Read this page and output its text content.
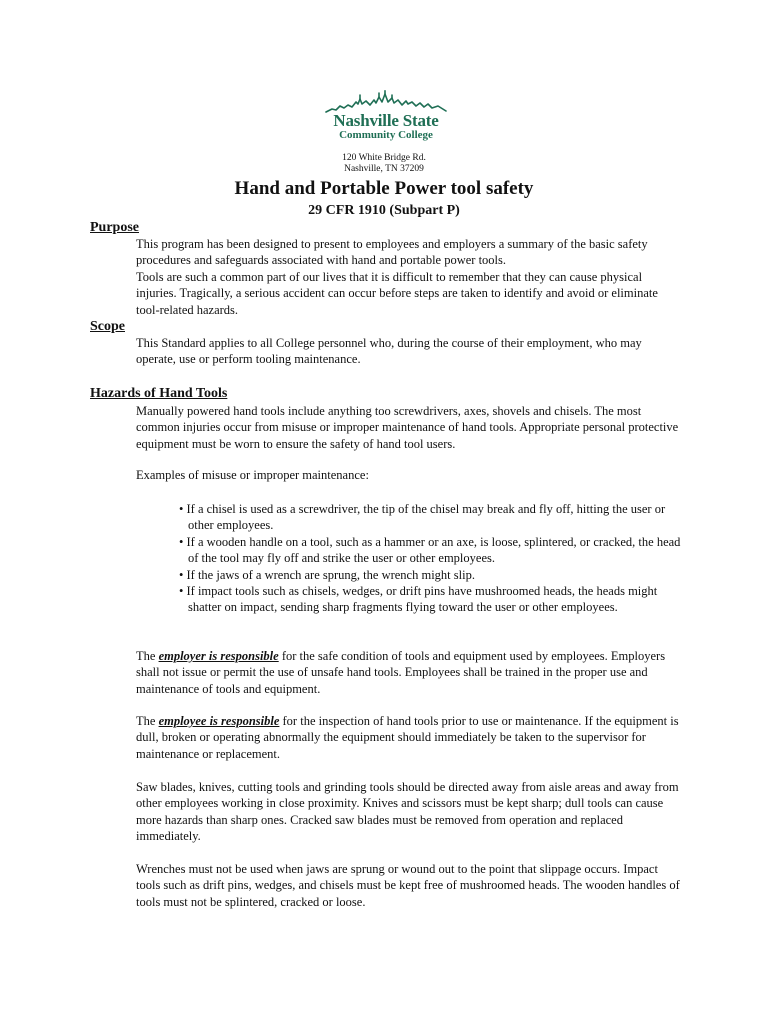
Nashville State
Community College
120 White Bridge Rd.
Nashville, TN 37209
Hand and Portable Power tool safety
29 CFR 1910 (Subpart P)
Purpose

This program has been designed to present to employees and employers a summary of the basic safety procedures and safeguards associated with hand and portable power tools.

Tools are such a common part of our lives that it is difficult to remember that they can cause physical injuries. Tragically, a serious accident can occur before steps are taken to identify and avoid or eliminate tool-related hazards.

Scope

This Standard applies to all College personnel who, during the course of their employment, who may operate, use or perform tooling maintenance.

Hazards of Hand Tools

Manually powered hand tools include anything too screwdrivers, axes, shovels and chisels. The most common injuries occur from misuse or improper maintenance of hand tools. Appropriate personal protective equipment must be worn to ensure the safety of hand tool users.

Examples of misuse or improper maintenance:

• If a chisel is used as a screwdriver, the tip of the chisel may break and fly off, hitting the user or other employees.
• If a wooden handle on a tool, such as a hammer or an axe, is loose, splintered, or cracked, the head of the tool may fly off and strike the user or other employees.
• If the jaws of a wrench are sprung, the wrench might slip.
• If impact tools such as chisels, wedges, or drift pins have mushroomed heads, the heads might shatter on impact, sending sharp fragments flying toward the user or other employees.

The employer is responsible for the safe condition of tools and equipment used by employees. Employers shall not issue or permit the use of unsafe hand tools. Employees shall be trained in the proper use and maintenance of tools and equipment.

The employee is responsible for the inspection of hand tools prior to use or maintenance. If the equipment is dull, broken or operating abnormally the equipment should immediately be taken to the supervisor for maintenance or replacement.

Saw blades, knives, cutting tools and grinding tools should be directed away from aisle areas and away from other employees working in close proximity. Knives and scissors must be kept sharp; dull tools can cause more hazards than sharp ones. Cracked saw blades must be removed from operation and replaced immediately.

Wrenches must not be used when jaws are sprung or wound out to the point that slippage occurs. Impact tools such as drift pins, wedges, and chisels must be kept free of mushroomed heads. The wooden handles of tools must not be splintered, cracked or loose.
